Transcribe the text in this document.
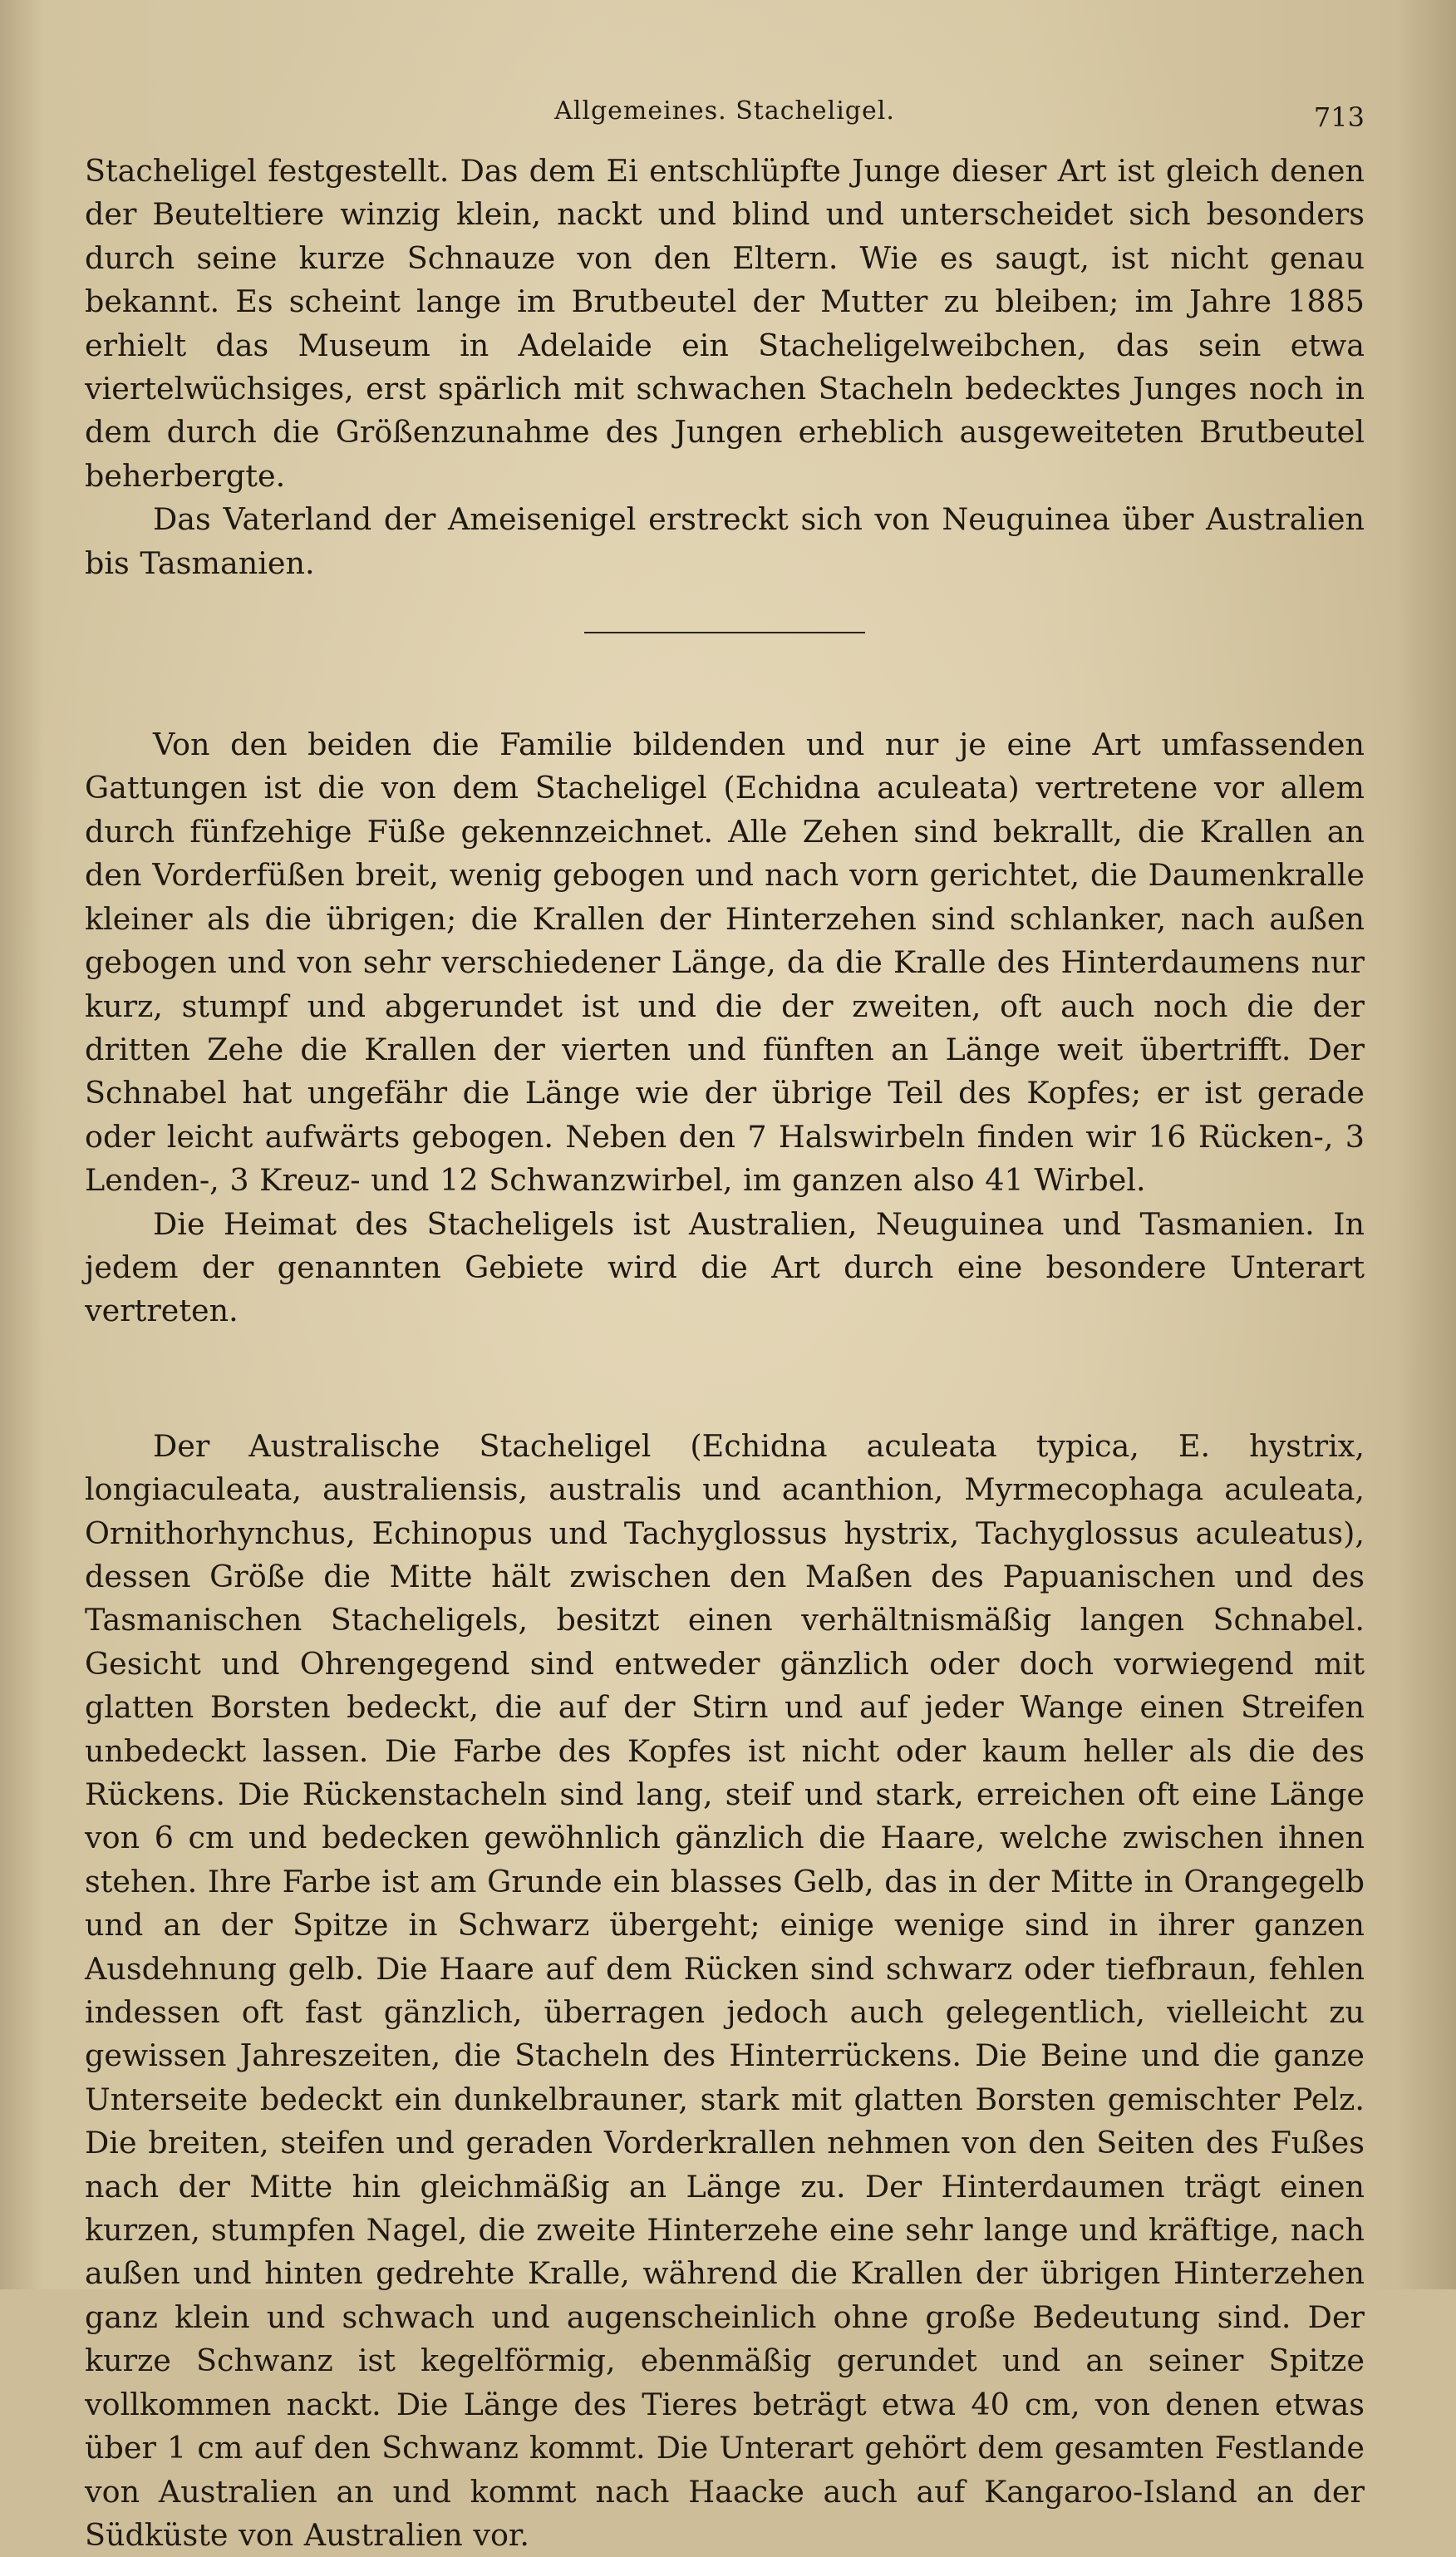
Allgemeines. Stacheligel.	713

Stacheligel festgestellt. Das dem Ei entschlüpfte Junge dieser Art ist gleich denen der Beuteltiere winzig klein, nackt und blind und unterscheidet sich besonders durch seine kurze Schnauze von den Eltern. Wie es saugt, ist nicht genau bekannt. Es scheint lange im Brutbeutel der Mutter zu bleiben; im Jahre 1885 erhielt das Museum in Adelaide ein Stacheligelweibchen, das sein etwa viertelwüchsiges, erst spärlich mit schwachen Stacheln bedecktes Junges noch in dem durch die Größenzunahme des Jungen erheblich ausgeweiteten Brutbeutel beherbergte.

Das Vaterland der Ameisenigel erstreckt sich von Neuguinea über Australien bis Tasmanien.

Von den beiden die Familie bildenden und nur je eine Art umfassenden Gattungen ist die von dem Stacheligel (Echidna aculeata) vertretene vor allem durch fünfzehige Füße gekennzeichnet. Alle Zehen sind bekrallt, die Krallen an den Vorderfüßen breit, wenig gebogen und nach vorn gerichtet, die Daumenkralle kleiner als die übrigen; die Krallen der Hinterzehen sind schlanker, nach außen gebogen und von sehr verschiedener Länge, da die Kralle des Hinterdaumens nur kurz, stumpf und abgerundet ist und die der zweiten, oft auch noch die der dritten Zehe die Krallen der vierten und fünften an Länge weit übertrifft. Der Schnabel hat ungefähr die Länge wie der übrige Teil des Kopfes; er ist gerade oder leicht aufwärts gebogen. Neben den 7 Halswirbeln finden wir 16 Rücken-, 3 Lenden-, 3 Kreuz- und 12 Schwanzwirbel, im ganzen also 41 Wirbel.

Die Heimat des Stacheligels ist Australien, Neuguinea und Tasmanien. In jedem der genannten Gebiete wird die Art durch eine besondere Unterart vertreten.

Der Australische Stacheligel (Echidna aculeata typica, E. hystrix, longiaculeata, australiensis, australis und acanthion, Myrmecophaga aculeata, Ornithorhynchus, Echinopus und Tachyglossus hystrix, Tachyglossus aculeatus), dessen Größe die Mitte hält zwischen den Maßen des Papuanischen und des Tasmanischen Stacheligels, besitzt einen verhältnismäßig langen Schnabel. Gesicht und Ohrengegend sind entweder gänzlich oder doch vorwiegend mit glatten Borsten bedeckt, die auf der Stirn und auf jeder Wange einen Streifen unbedeckt lassen. Die Farbe des Kopfes ist nicht oder kaum heller als die des Rückens. Die Rückenstacheln sind lang, steif und stark, erreichen oft eine Länge von 6 cm und bedecken gewöhnlich gänzlich die Haare, welche zwischen ihnen stehen. Ihre Farbe ist am Grunde ein blasses Gelb, das in der Mitte in Orangegelb und an der Spitze in Schwarz übergeht; einige wenige sind in ihrer ganzen Ausdehnung gelb. Die Haare auf dem Rücken sind schwarz oder tiefbraun, fehlen indessen oft fast gänzlich, überragen jedoch auch gelegentlich, vielleicht zu gewissen Jahreszeiten, die Stacheln des Hinterrückens. Die Beine und die ganze Unterseite bedeckt ein dunkelbrauner, stark mit glatten Borsten gemischter Pelz. Die breiten, steifen und geraden Vorderkrallen nehmen von den Seiten des Fußes nach der Mitte hin gleichmäßig an Länge zu. Der Hinterdaumen trägt einen kurzen, stumpfen Nagel, die zweite Hinterzehe eine sehr lange und kräftige, nach außen und hinten gedrehte Kralle, während die Krallen der übrigen Hinterzehen ganz klein und schwach und augenscheinlich ohne große Bedeutung sind. Der kurze Schwanz ist kegelförmig, ebenmäßig gerundet und an seiner Spitze vollkommen nackt. Die Länge des Tieres beträgt etwa 40 cm, von denen etwas über 1 cm auf den Schwanz kommt. Die Unterart gehört dem gesamten Festlande von Australien an und kommt nach Haacke auch auf Kangaroo-Island an der Südküste von Australien vor.
